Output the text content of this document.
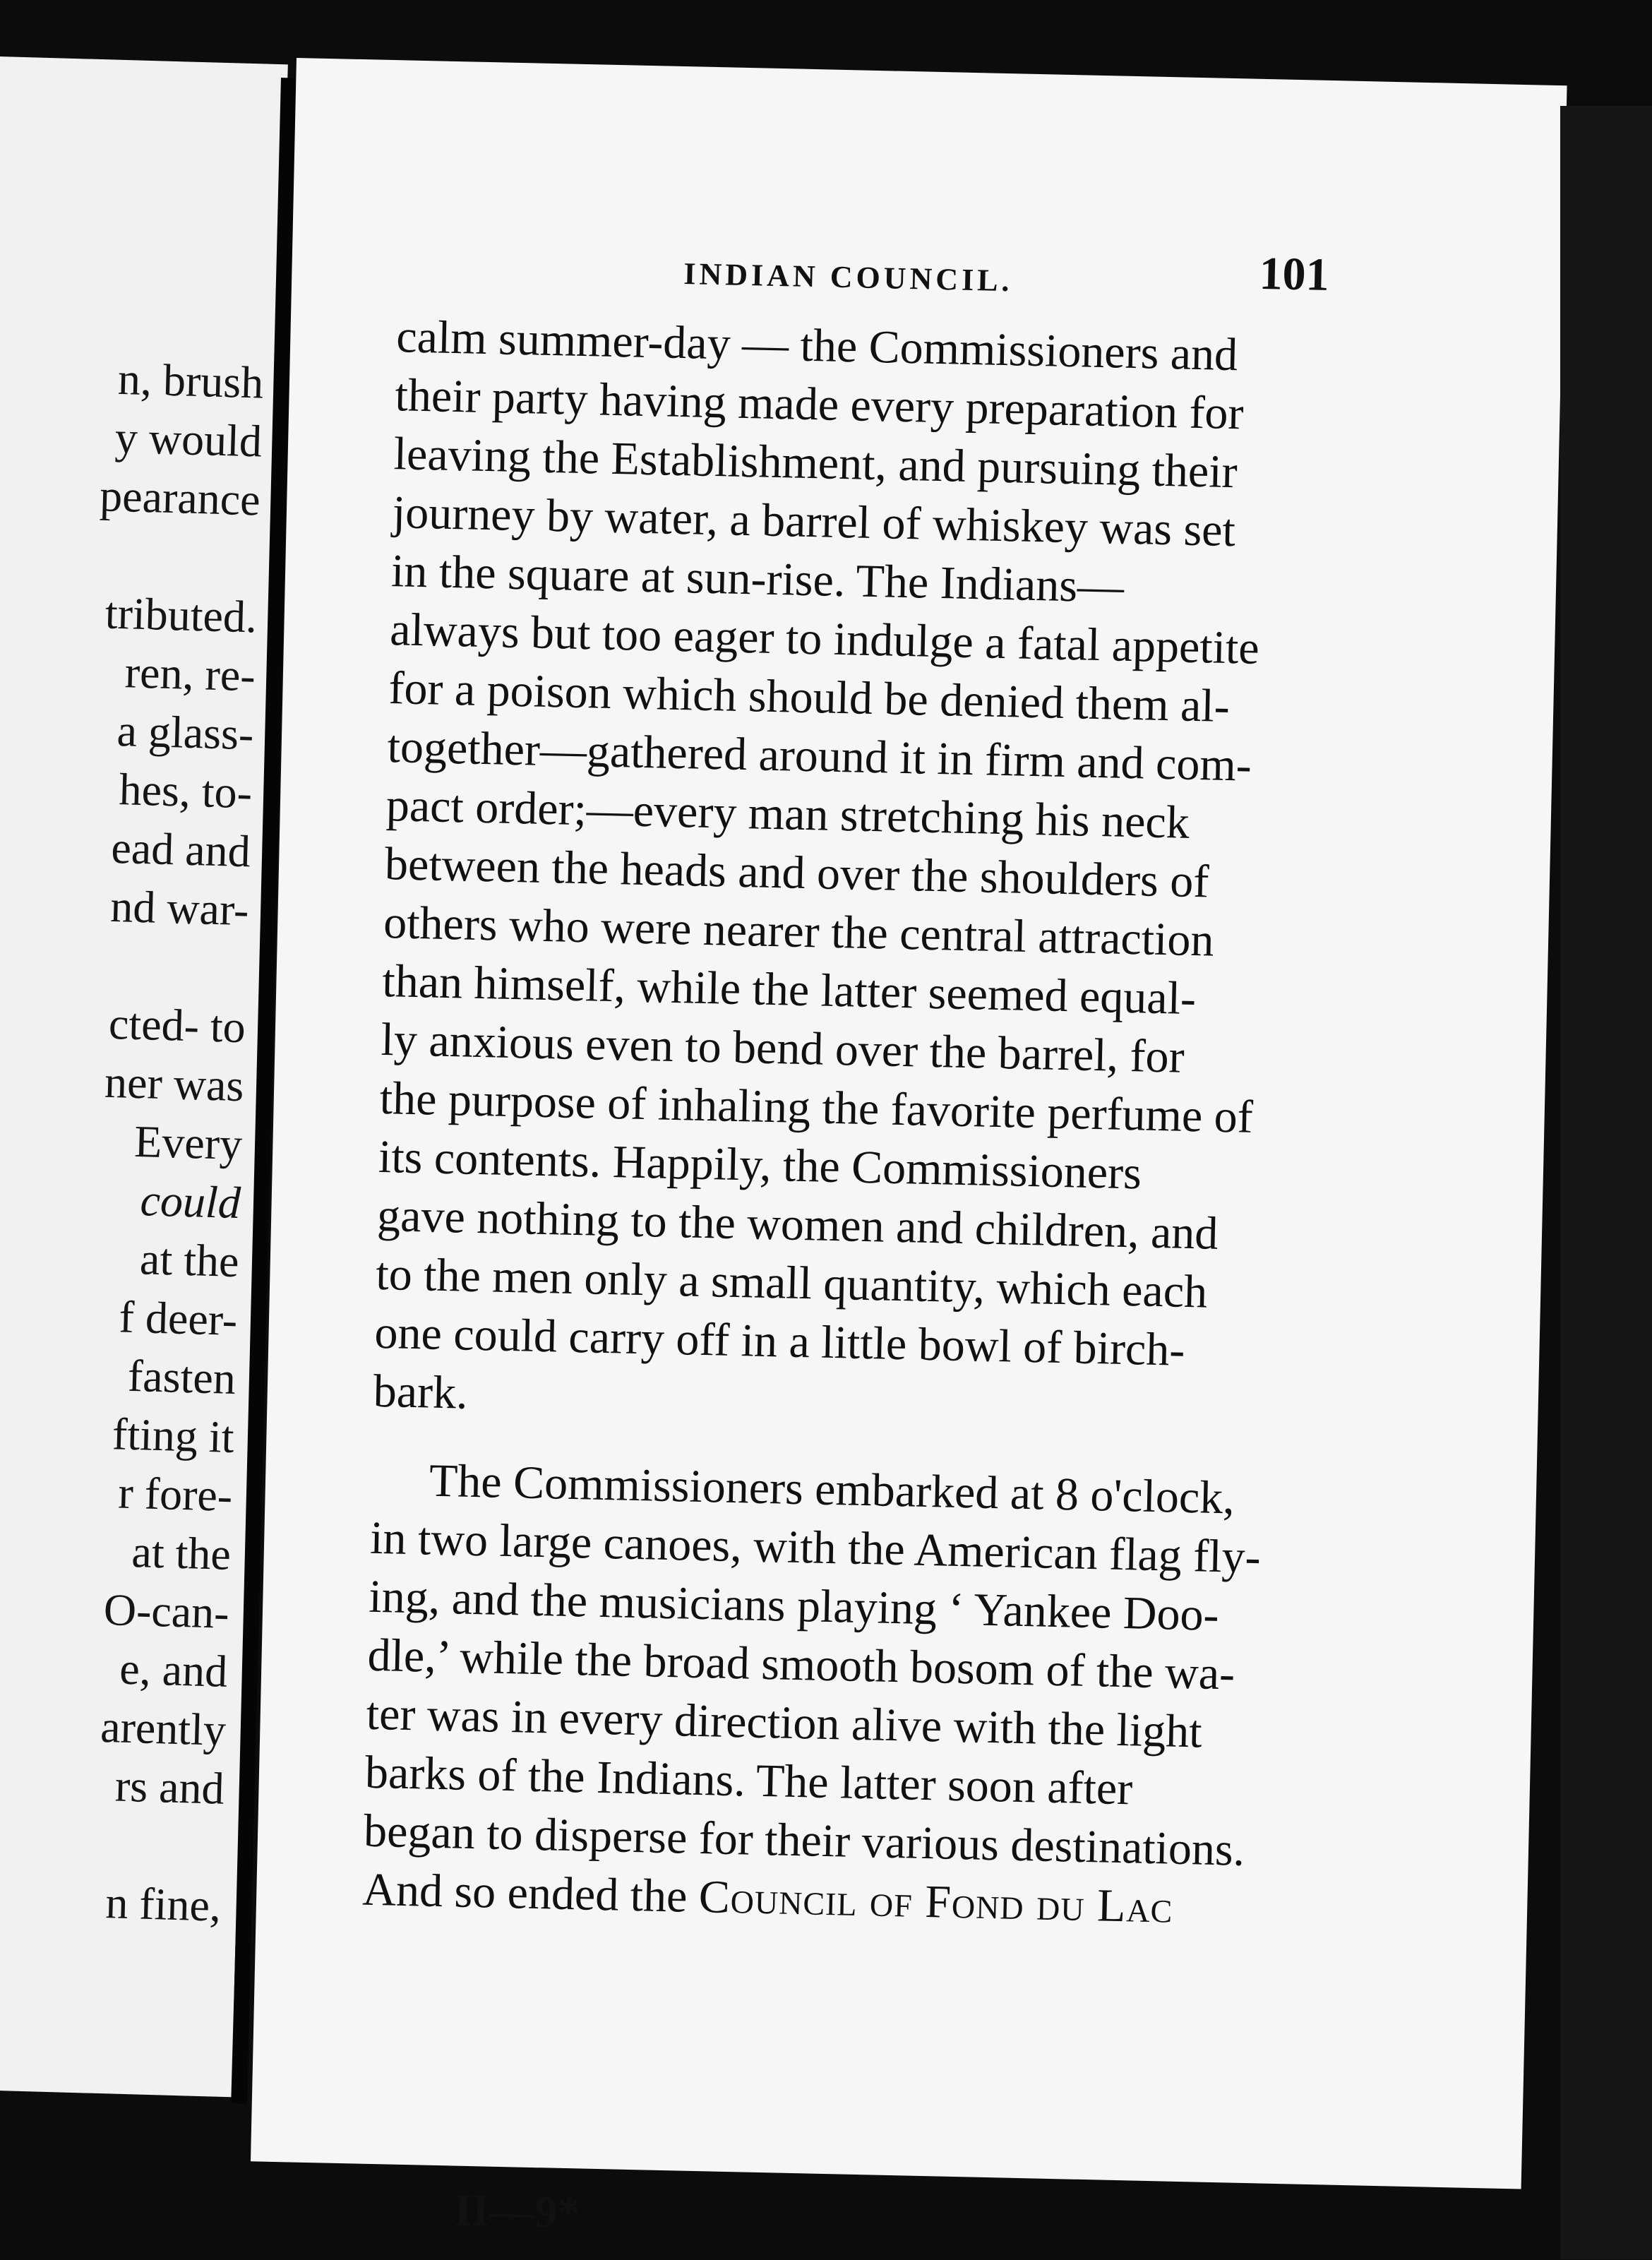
n, brush
y would
pearance
tributed.
ren, re-
a glass-
hes, to-
ead and
nd war-
cted- to
ner was
Every
could
at the
f deer-
fasten
fting it
r fore-
at the
O-can-
e, and
arently
rs and
n fine,
INDIAN COUNCIL.	101
calm summer-day — the Commissioners and
their party having made every preparation for
leaving the Establishment, and pursuing their
journey by water, a barrel of whiskey was set
in the square at sun-rise. The Indians—
always but too eager to indulge a fatal appetite
for a poison which should be denied them al-
together—gathered around it in firm and com-
pact order;—every man stretching his neck
between the heads and over the shoulders of
others who were nearer the central attraction
than himself, while the latter seemed equal-
ly anxious even to bend over the barrel, for
the purpose of inhaling the favorite perfume of
its contents. Happily, the Commissioners
gave nothing to the women and children, and
to the men only a small quantity, which each
one could carry off in a little bowl of birch-
bark.
The Commissioners embarked at 8 o'clock,
in two large canoes, with the American flag fly-
ing, and the musicians playing ‘ Yankee Doo-
dle,’ while the broad smooth bosom of the wa-
ter was in every direction alive with the light
barks of the Indians. The latter soon after
began to disperse for their various destinations.
And so ended the
Council of Fond du Lac
II—9*
